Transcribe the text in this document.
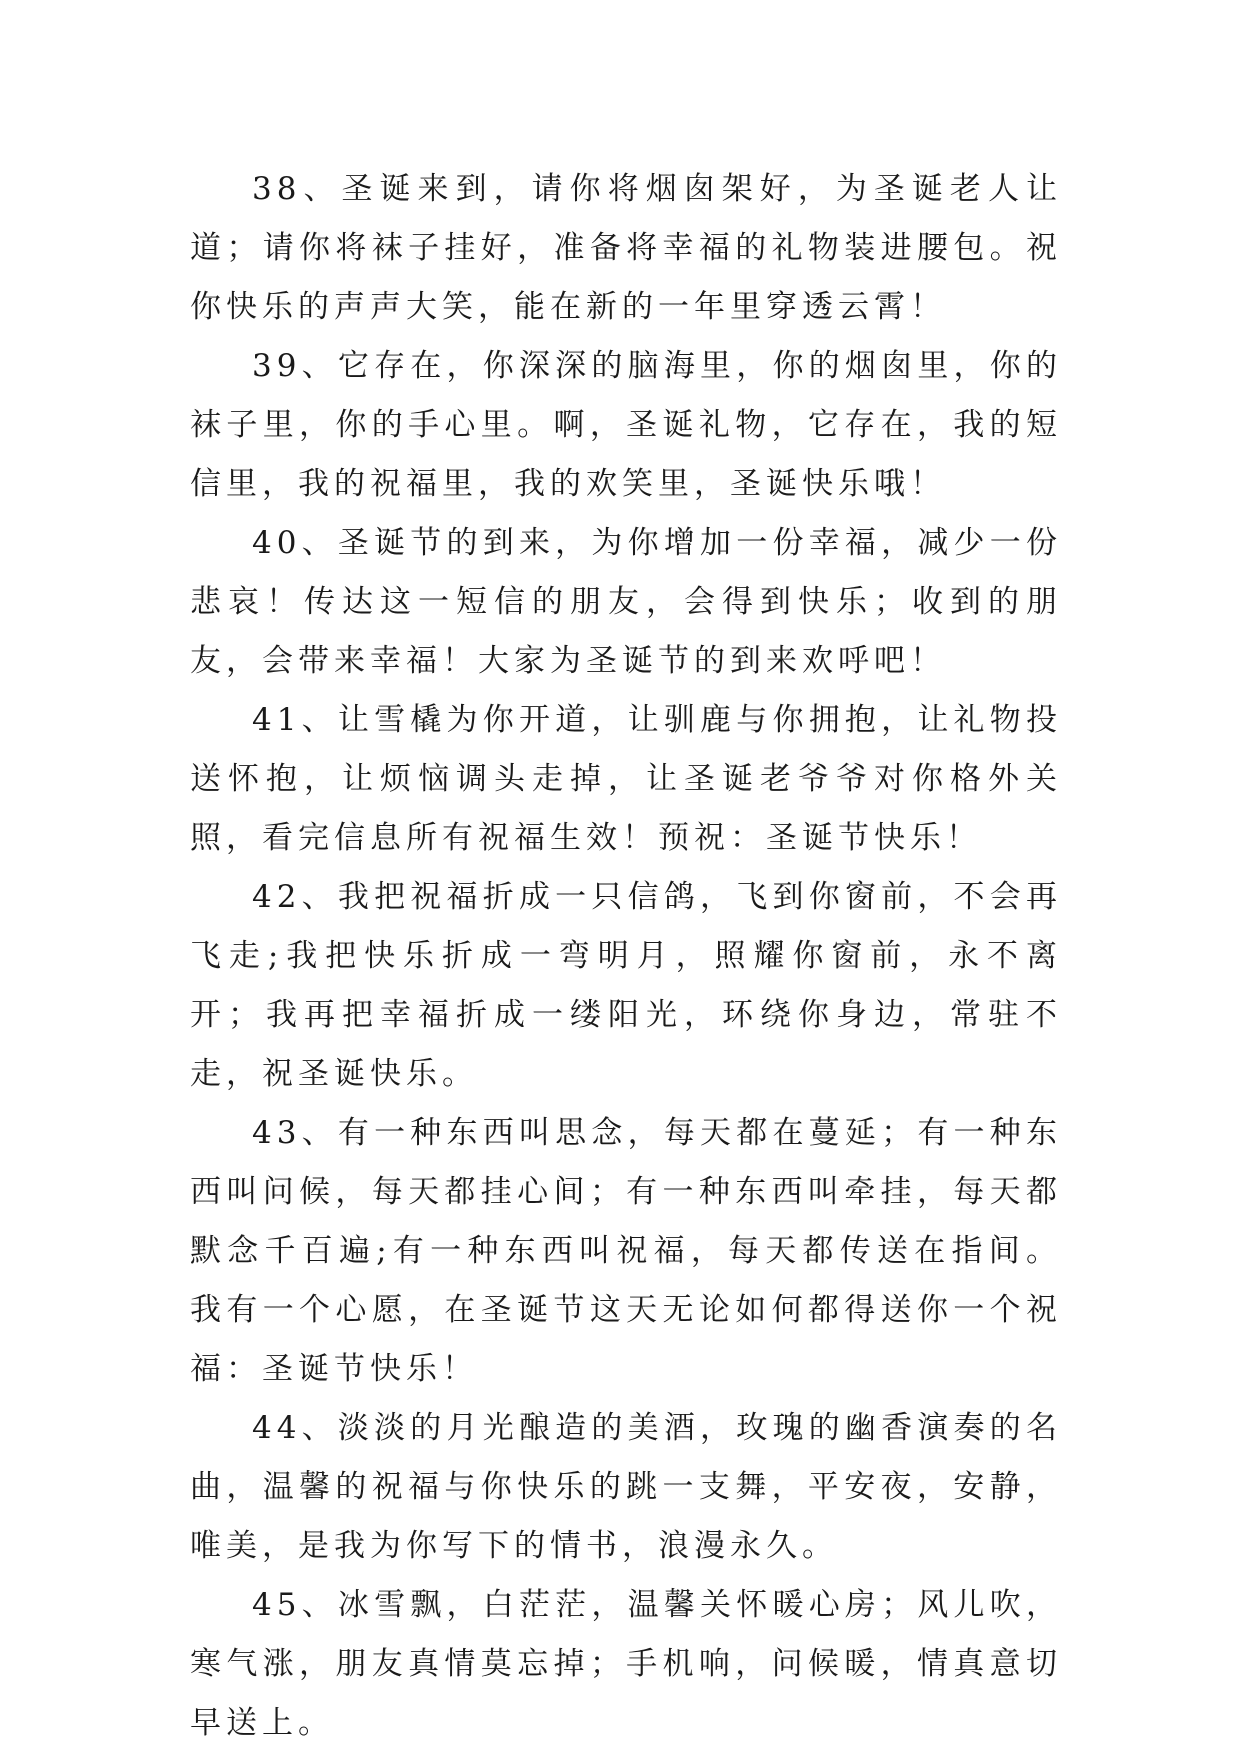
38、圣诞来到，请你将烟囱架好，为圣诞老人让道；请你将袜子挂好，准备将幸福的礼物装进腰包。祝你快乐的声声大笑，能在新的一年里穿透云霄！

39、它存在，你深深的脑海里，你的烟囱里，你的袜子里，你的手心里。啊，圣诞礼物，它存在，我的短信里，我的祝福里，我的欢笑里，圣诞快乐哦！

40、圣诞节的到来，为你增加一份幸福，减少一份悲哀！传达这一短信的朋友，会得到快乐；收到的朋友，会带来幸福！大家为圣诞节的到来欢呼吧！

41、让雪橇为你开道，让驯鹿与你拥抱，让礼物投送怀抱，让烦恼调头走掉，让圣诞老爷爷对你格外关照，看完信息所有祝福生效！预祝：圣诞节快乐！

42、我把祝福折成一只信鸽，飞到你窗前，不会再飞走;我把快乐折成一弯明月，照耀你窗前，永不离开；我再把幸福折成一缕阳光，环绕你身边，常驻不走，祝圣诞快乐。

43、有一种东西叫思念，每天都在蔓延；有一种东西叫问候，每天都挂心间；有一种东西叫牵挂，每天都默念千百遍;有一种东西叫祝福，每天都传送在指间。我有一个心愿，在圣诞节这天无论如何都得送你一个祝福：圣诞节快乐！

44、淡淡的月光酿造的美酒，玫瑰的幽香演奏的名曲，温馨的祝福与你快乐的跳一支舞，平安夜，安静，唯美，是我为你写下的情书，浪漫永久。

45、冰雪飘，白茫茫，温馨关怀暖心房；风儿吹，寒气涨，朋友真情莫忘掉；手机响，问候暖，情真意切早送上。
